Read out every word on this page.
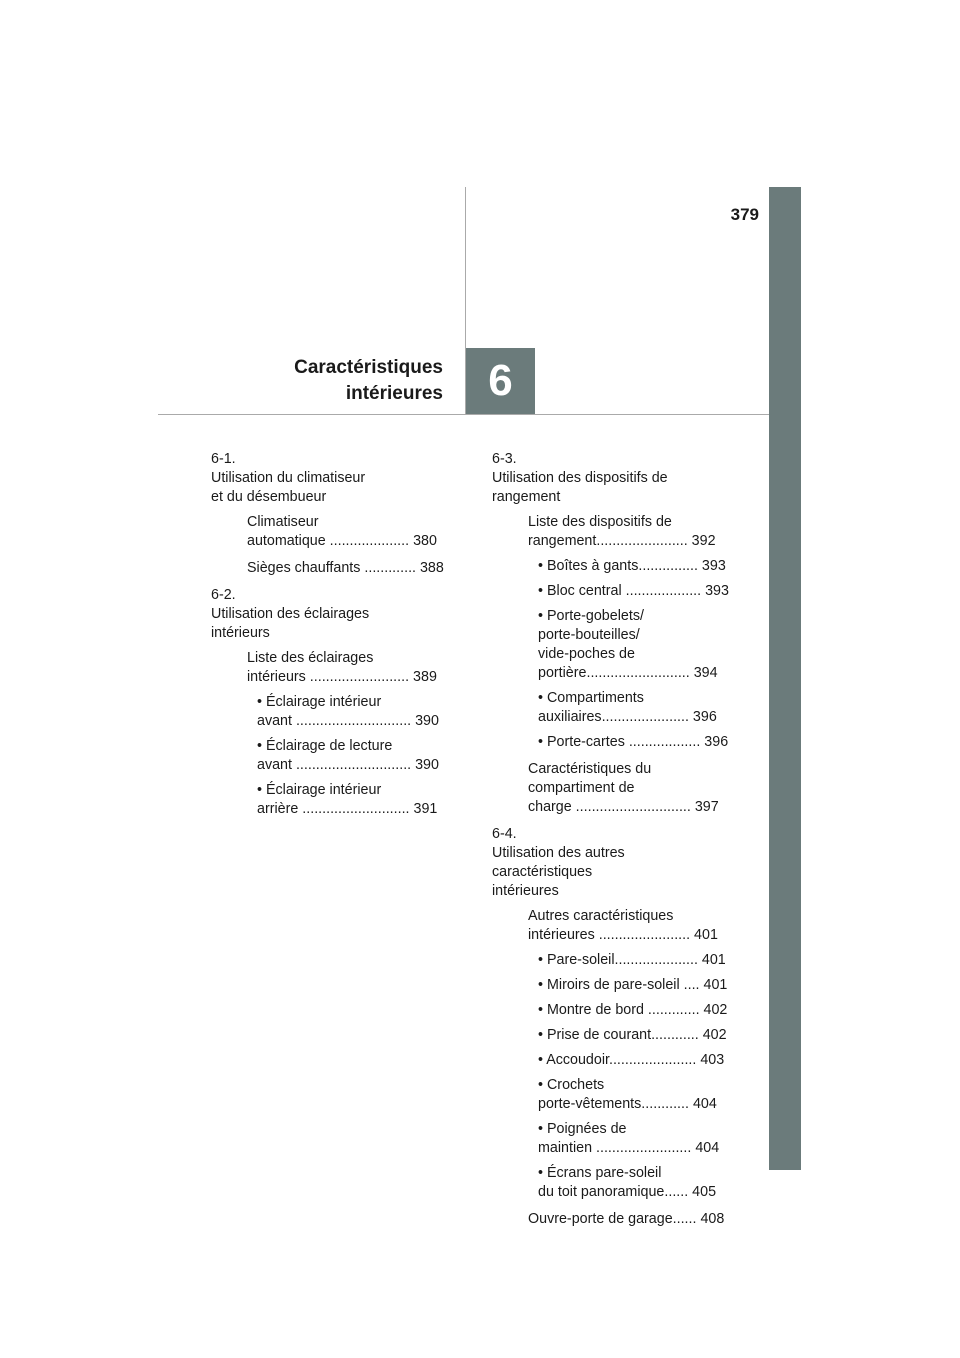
379
Caractéristiques
intérieures	6
6-1.
Utilisation du climatiseur
et du désembueur
Climatiseur
automatique .................... 380
Sièges chauffants ............. 388
6-2.
Utilisation des éclairages
intérieurs
Liste des éclairages
intérieurs ......................... 389
• Éclairage intérieur
avant ............................. 390
• Éclairage de lecture
avant ............................. 390
• Éclairage intérieur
arrière ........................... 391
6-3.
Utilisation des dispositifs de
rangement
Liste des dispositifs de
rangement....................... 392
• Boîtes à gants............... 393
• Bloc central ................... 393
• Porte-gobelets/
porte-bouteilles/
vide-poches de
portière.......................... 394
• Compartiments
auxiliaires...................... 396
• Porte-cartes .................. 396
Caractéristiques du
compartiment de
charge ............................. 397
6-4.
Utilisation des autres
caractéristiques
intérieures
Autres caractéristiques
intérieures ....................... 401
• Pare-soleil..................... 401
• Miroirs de pare-soleil .... 401
• Montre de bord ............. 402
• Prise de courant............ 402
• Accoudoir...................... 403
• Crochets
porte-vêtements............ 404
• Poignées de
maintien ........................ 404
• Écrans pare-soleil
du toit panoramique...... 405
Ouvre-porte de garage...... 408
